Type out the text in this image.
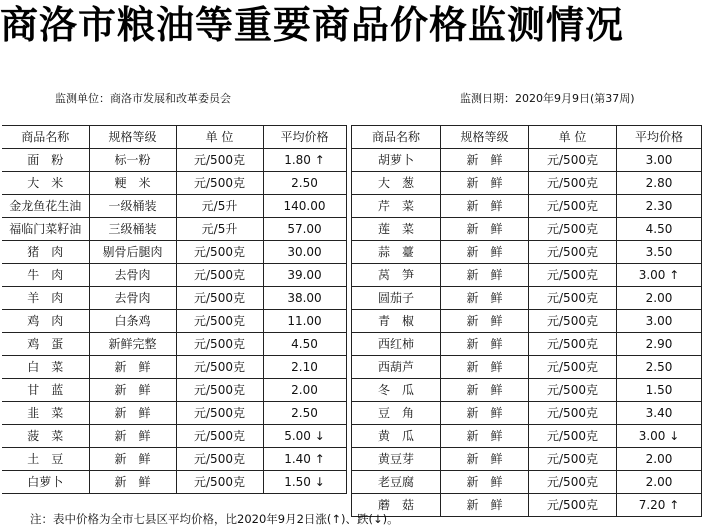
商洛市粮油等重要商品价格监测情况
监测单位：商洛市发展和改革委员会	监测日期：2020年9月9日(第37周)
商品名称	规格等级	单 位	平均价格
面　粉	标一粉	元/500克	1.80 ↑
大　米	粳　米	元/500克	2.50
金龙鱼花生油	一级桶装	元/5升	140.00
福临门菜籽油	三级桶装	元/5升	57.00
猪　肉	剔骨后腿肉	元/500克	30.00
牛　肉	去骨肉	元/500克	39.00
羊　肉	去骨肉	元/500克	38.00
鸡　肉	白条鸡	元/500克	11.00
鸡　蛋	新鲜完整	元/500克	4.50
白　菜	新　鲜	元/500克	2.10
甘　蓝	新　鲜	元/500克	2.00
韭　菜	新　鲜	元/500克	2.50
菠　菜	新　鲜	元/500克	5.00 ↓
土　豆	新　鲜	元/500克	1.40 ↑
白萝卜	新　鲜	元/500克	1.50 ↓
商品名称	规格等级	单 位	平均价格
胡萝卜	新　鲜	元/500克	3.00
大　葱	新　鲜	元/500克	2.80
芹　菜	新　鲜	元/500克	2.30
莲　菜	新　鲜	元/500克	4.50
蒜　薹	新　鲜	元/500克	3.50
莴　笋	新　鲜	元/500克	3.00 ↑
圆茄子	新　鲜	元/500克	2.00
青　椒	新　鲜	元/500克	3.00
西红柿	新　鲜	元/500克	2.90
西葫芦	新　鲜	元/500克	2.50
冬　瓜	新　鲜	元/500克	1.50
豆　角	新　鲜	元/500克	3.40
黄　瓜	新　鲜	元/500克	3.00 ↓
黄豆芽	新　鲜	元/500克	2.00
老豆腐	新　鲜	元/500克	2.00
蘑　菇	新　鲜	元/500克	7.20 ↑
注：表中价格为全市七县区平均价格，比2020年9月2日涨(↑)、跌(↓)。
